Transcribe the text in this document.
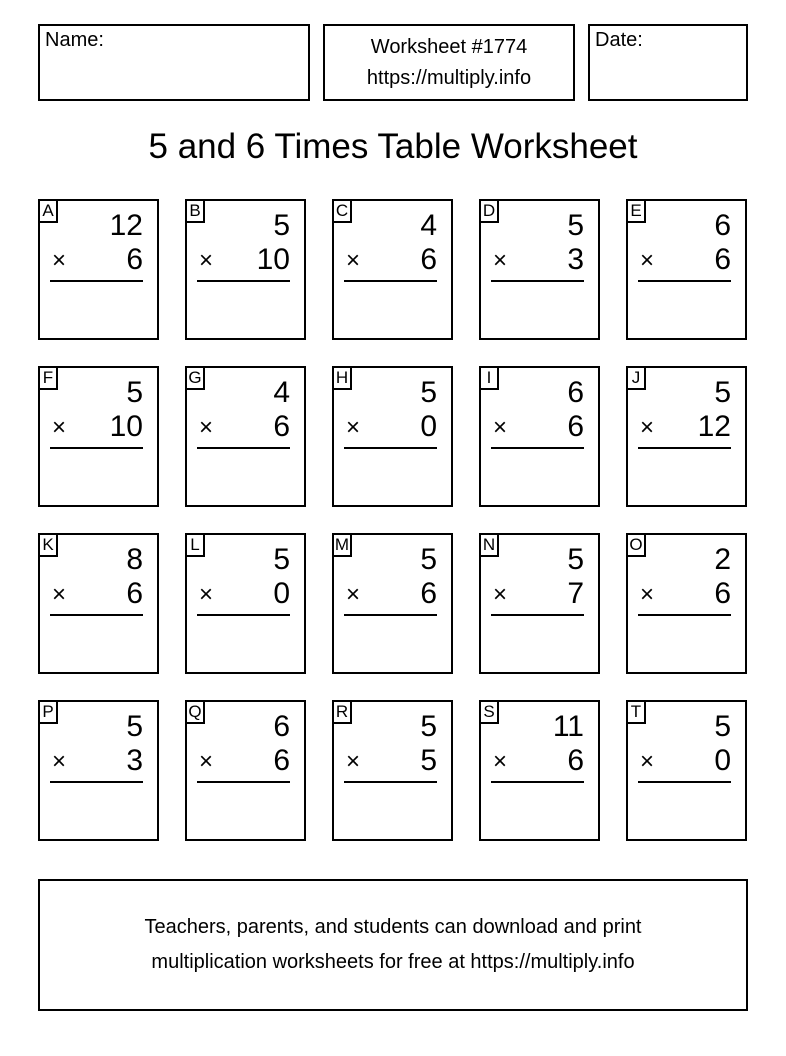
Name:	Worksheet #1774
https://multiply.info
Date:
5 and 6 Times Table Worksheet
A 12
× 6
B 5
× 10
C 4
× 6
D 5
× 3
E 6
× 6
F 5
× 10
G 4
× 6
H 5
× 0
I	6
× 6
J 5
× 12
K 8
× 6
L 5
× 0
M 5
× 6
N 5
× 7
O 2
× 6
P 5
× 3
Q 6
× 6
R 5
× 5
S 11
× 6
T 5
× 0
Teachers, parents, and students can download and print
multiplication worksheets for free at https://multiply.info
